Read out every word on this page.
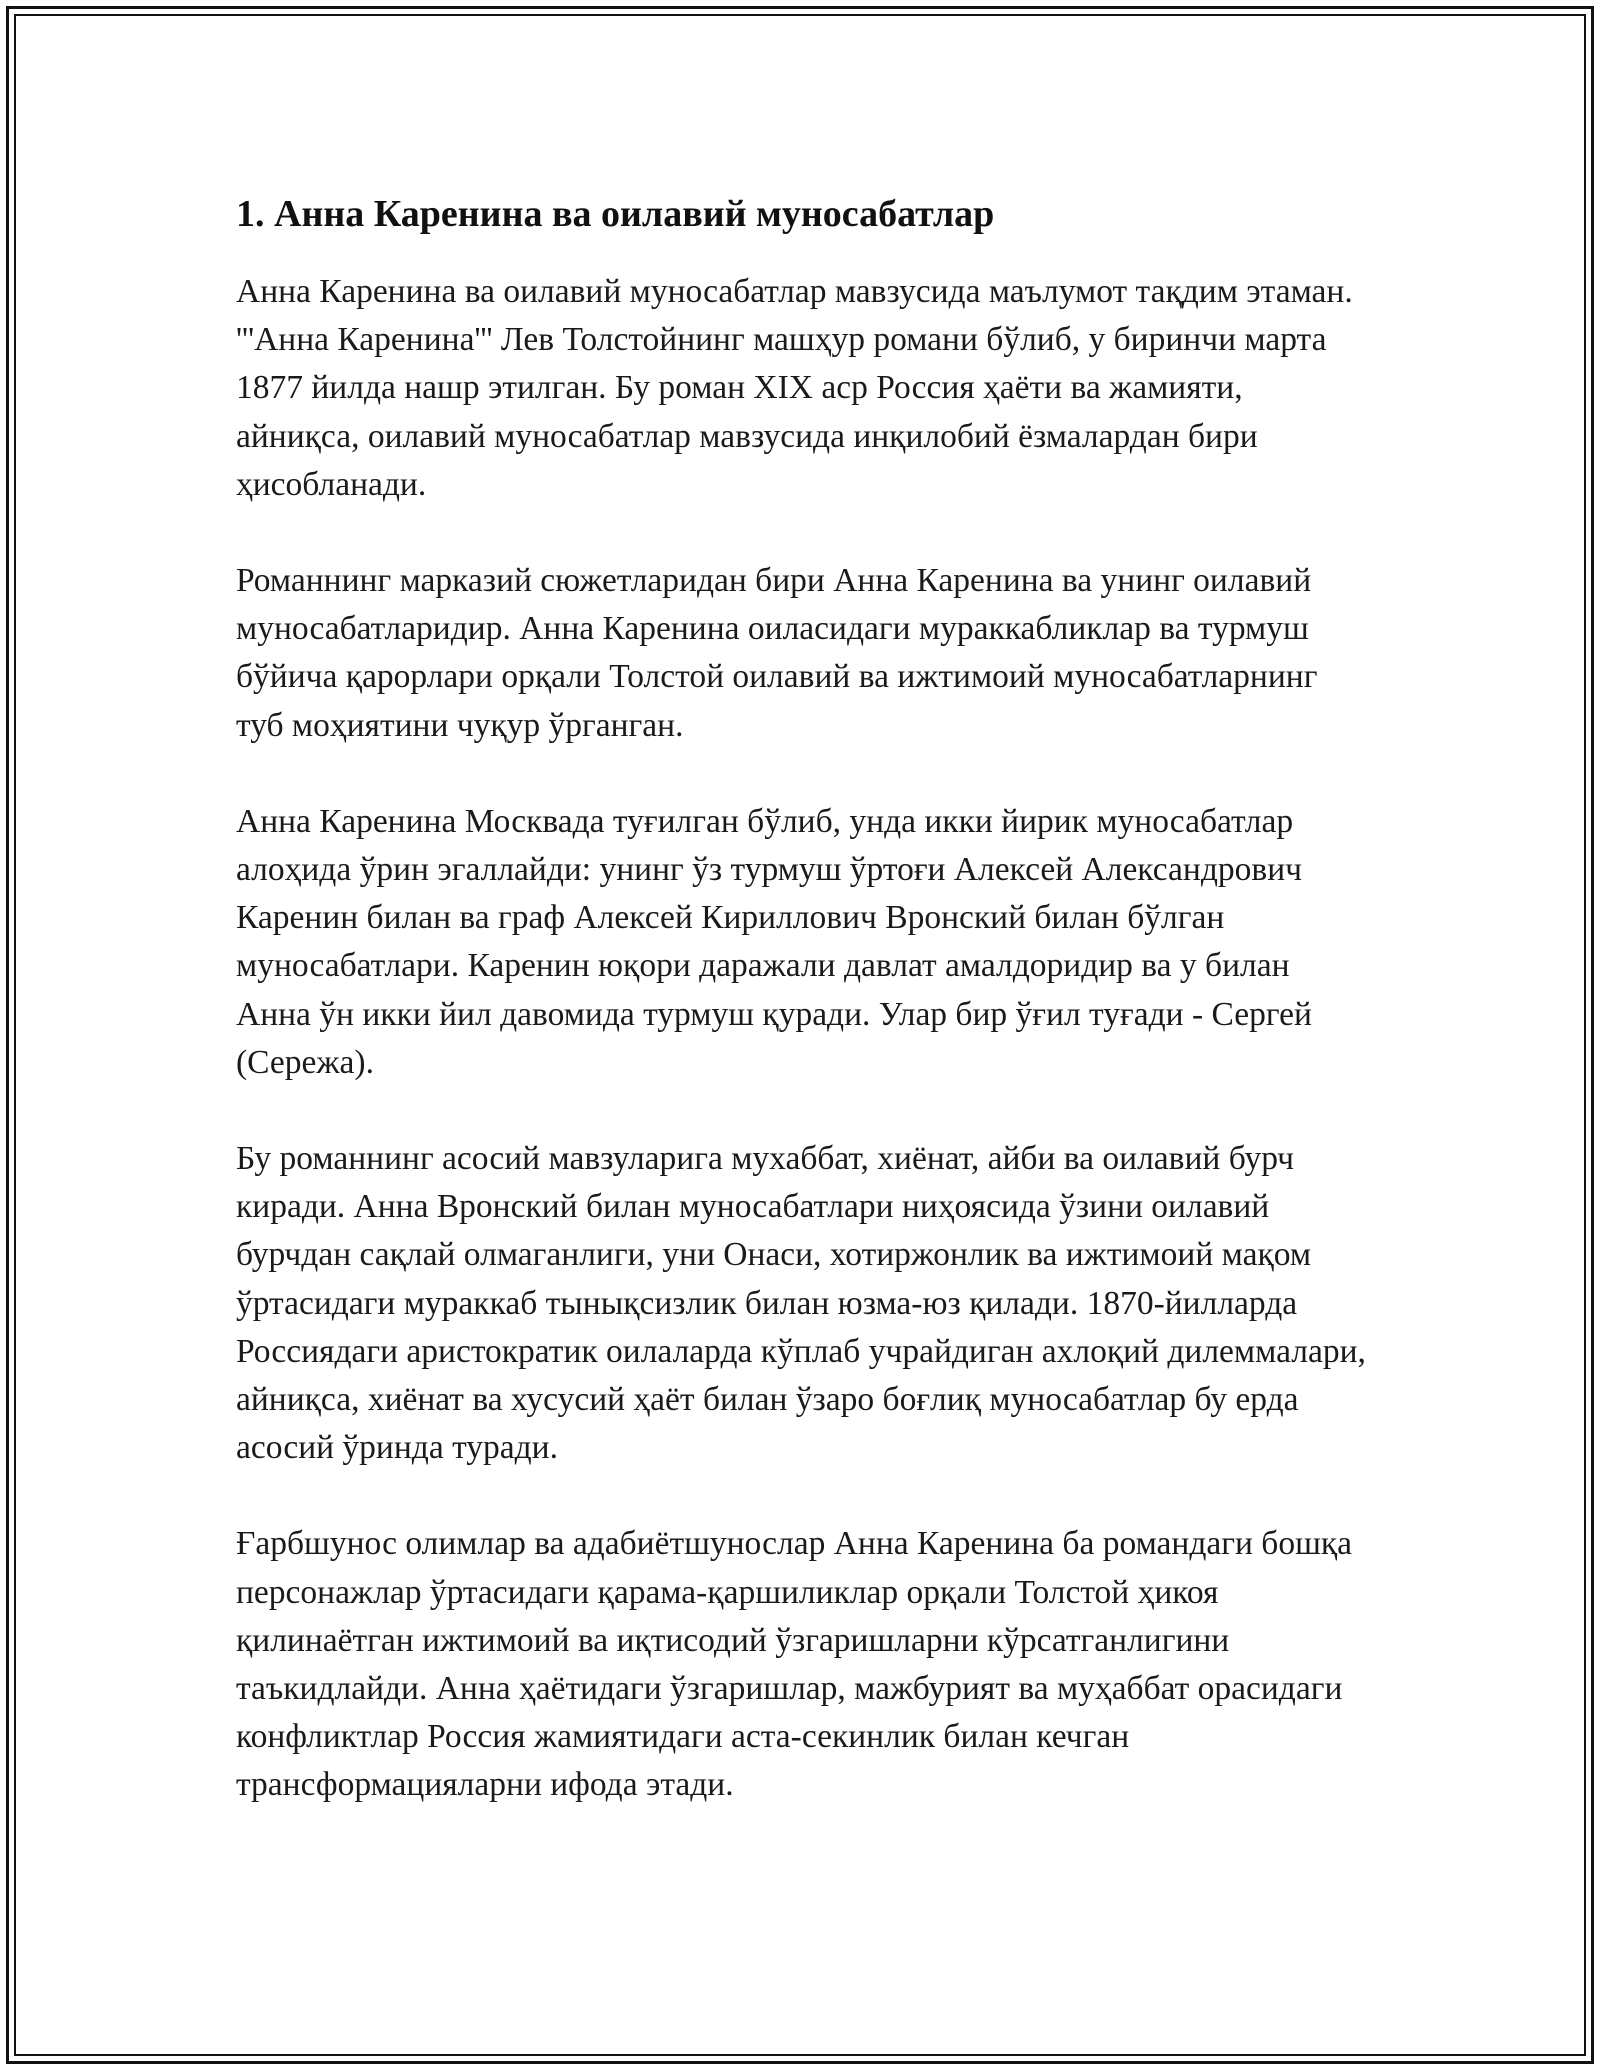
1. Анна Каренина ва оилавий муносабатлар

Анна Каренина ва оилавий муносабатлар мавзусида маълумот тақдим этаман. '''Анна Каренина''' Лев Толстойнинг машҳур романи бўлиб, у биринчи марта 1877 йилда нашр этилган. Бу роман XIX аср Россия ҳаёти ва жамияти, айниқса, оилавий муносабатлар мавзусида инқилобий ёзмалардан бири ҳисобланади.

Романнинг марказий сюжетларидан бири Анна Каренина ва унинг оилавий муносабатларидир. Анна Каренина оиласидаги мураккабликлар ва турмуш бўйича қарорлари орқали Толстой оилавий ва ижтимоий муносабатларнинг туб моҳиятини чуқур ўрганган.

Анна Каренина Москвада туғилган бўлиб, унда икки йирик муносабатлар алоҳида ўрин эгаллайди: унинг ўз турмуш ўртоғи Алексей Александрович Каренин билан ва граф Алексей Кириллович Вронский билан бўлган муносабатлари. Каренин юқори даражали давлат амалдоридир ва у билан Анна ўн икки йил давомида турмуш қуради. Улар бир ўғил туғади - Сергей (Сережа).

Бу романнинг асосий мавзуларига мухаббат, хиёнат, айби ва оилавий бурч киради. Анна Вронский билан муносабатлари ниҳоясида ўзини оилавий бурчдан сақлай олмаганлиги, уни Онаси, хотиржонлик ва ижтимоий мақом ўртасидаги мураккаб тынықсизлик билан юзма-юз қилади. 1870-йилларда Россиядаги аристократик оилаларда кўплаб учрайдиган ахлоқий дилеммалари, айниқса, хиёнат ва хусусий ҳаёт билан ўзаро боғлиқ муносабатлар бу ерда асосий ўринда туради.

Ғарбшунос олимлар ва адабиётшунослар Анна Каренина ба романдаги бошқа персонажлар ўртасидаги қарама-қаршиликлар орқали Толстой ҳикоя қилинаётган ижтимоий ва иқтисодий ўзгаришларни кўрсатганлигини таъкидлайди. Анна ҳаётидаги ўзгаришлар, мажбурият ва муҳаббат орасидаги конфликтлар Россия жамиятидаги аста-секинлик билан кечган трансформацияларни ифода этади.
